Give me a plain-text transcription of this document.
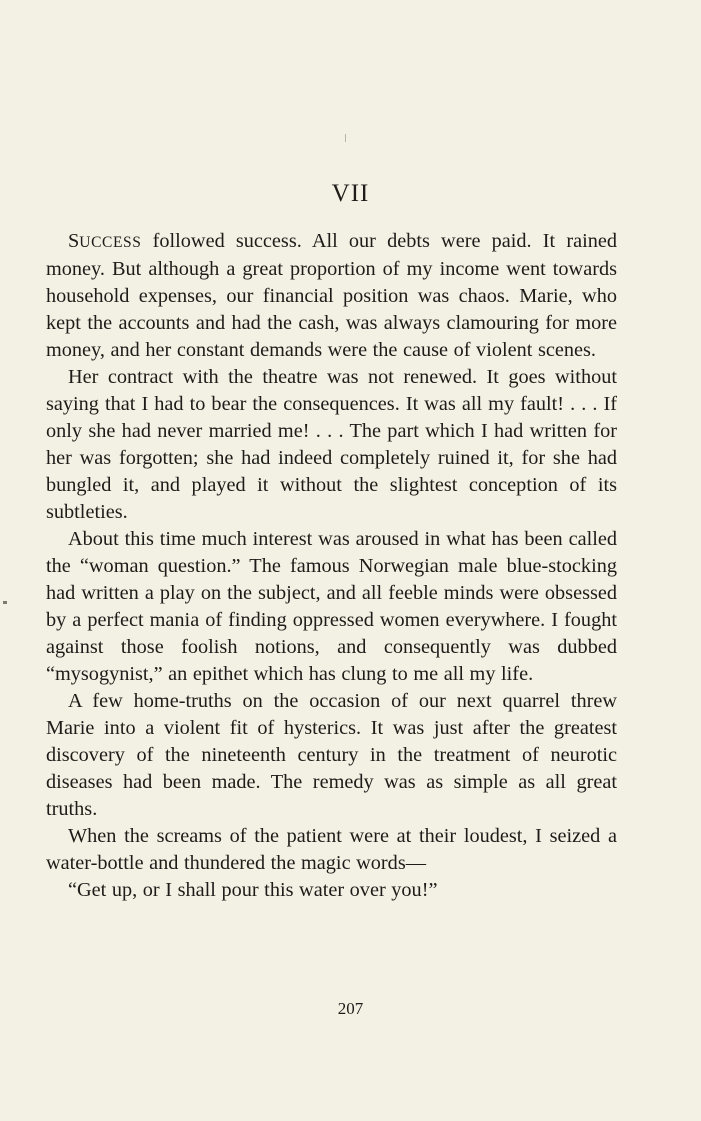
VII

SUCCESS followed success. All our debts were paid. It rained money. But although a great proportion of my income went towards household expenses, our financial position was chaos. Marie, who kept the accounts and had the cash, was always clamouring for more money, and her constant demands were the cause of violent scenes.

Her contract with the theatre was not renewed. It goes without saying that I had to bear the consequences. It was all my fault! . . . If only she had never married me! . . . The part which I had written for her was forgotten; she had indeed completely ruined it, for she had bungled it, and played it without the slightest conception of its subtleties.

About this time much interest was aroused in what has been called the “woman question.” The famous Norwegian male blue-stocking had written a play on the subject, and all feeble minds were obsessed by a perfect mania of finding oppressed women everywhere. I fought against those foolish notions, and consequently was dubbed “mysogynist,” an epithet which has clung to me all my life.

A few home-truths on the occasion of our next quarrel threw Marie into a violent fit of hysterics. It was just after the greatest discovery of the nineteenth century in the treatment of neurotic diseases had been made. The remedy was as simple as all great truths.

When the screams of the patient were at their loudest, I seized a water-bottle and thundered the magic words—

“Get up, or I shall pour this water over you!”

207
